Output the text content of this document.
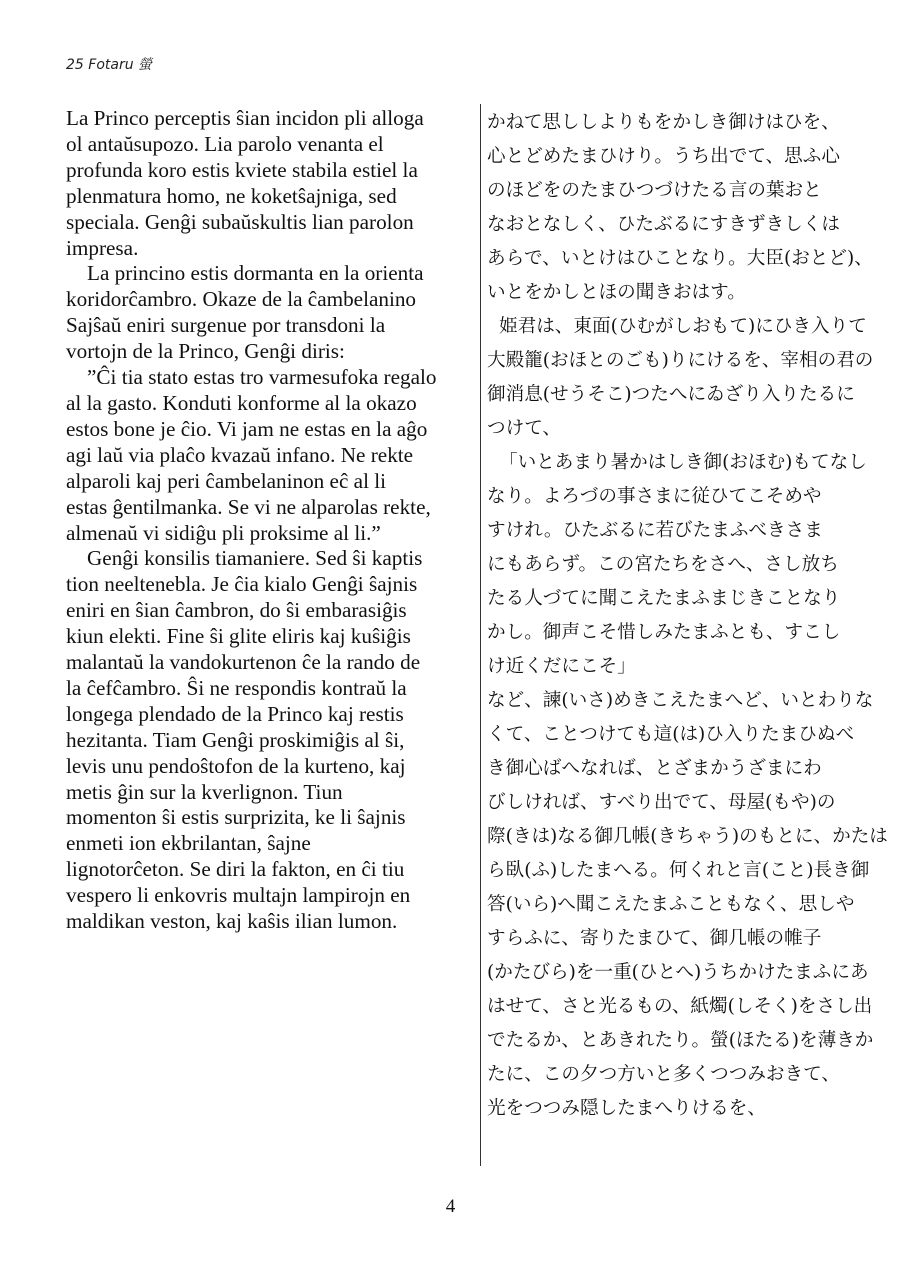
25 Fotaru 螢

La Princo perceptis ŝian incidon pli alloga

ol antaŭsupozo. Lia parolo venanta el

profunda koro estis kviete stabila estiel la

plenmatura homo, ne koketŝajniga, sed

speciala. Genĝi subaŭskultis lian parolon

impresa.

La princino estis dormanta en la orienta

koridorĉambro. Okaze de la ĉambelanino

Sajŝaŭ eniri surgenue por transdoni la

vortojn de la Princo, Genĝi diris:

”Ĉi tia stato estas tro varmesufoka regalo

al la gasto. Konduti konforme al la okazo

estos bone je ĉio. Vi jam ne estas en la aĝo

agi laŭ via plaĉo kvazaŭ infano. Ne rekte

alparoli kaj peri ĉambelaninon eĉ al li

estas ĝentilmanka. Se vi ne alparolas rekte,

almenaŭ vi sidiĝu pli proksime al li.”

Genĝi konsilis tiamaniere. Sed ŝi kaptis

tion neeltenebla. Je ĉia kialo Genĝi ŝajnis

eniri en ŝian ĉambron, do ŝi embarasiĝis

kiun elekti. Fine ŝi glite eliris kaj kuŝiĝis

malantaŭ la vandokurtenon ĉe la rando de

la ĉefĉambro. Ŝi ne respondis kontraŭ la

longega plendado de la Princo kaj restis

hezitanta. Tiam Genĝi proskimiĝis al ŝi,

levis unu pendoŝtofon de la kurteno, kaj

metis ĝin sur la kverlignon. Tiun

momenton ŝi estis surprizita, ke li ŝajnis

enmeti ion ekbrilantan, ŝajne

lignotorĉeton. Se diri la fakton, en ĉi tiu

vespero li enkovris multajn lampirojn en

maldikan veston, kaj kaŝis ilian lumon.

かねて思ししよりもをかしき御けはひを、

心とどめたまひけり。うち出でて、思ふ心

のほどをのたまひつづけたる言の葉おと

なおとなしく、ひたぶるにすきずきしくは

あらで、いとけはひことなり。大臣(おとど)、

いとをかしとほの聞きおはす。

姫君は、東面(ひむがしおもて)にひき入りて

大殿籠(おほとのごも)りにけるを、宰相の君の

御消息(せうそこ)つたへにゐざり入りたるに

つけて、

「いとあまり暑かはしき御(おほむ)もてなし

なり。よろづの事さまに従ひてこそめや

すけれ。ひたぶるに若びたまふべきさま

にもあらず。この宮たちをさへ、さし放ち

たる人づてに聞こえたまふまじきことなり

かし。御声こそ惜しみたまふとも、すこし

け近くだにこそ」

など、諫(いさ)めきこえたまへど、いとわりな

くて、ことつけても這(は)ひ入りたまひぬべ

き御心ばへなれば、とざまかうざまにわ

びしければ、すべり出でて、母屋(もや)の

際(きは)なる御几帳(きちゃう)のもとに、かたは

ら臥(ふ)したまへる。何くれと言(こと)長き御

答(いら)へ聞こえたまふこともなく、思しや

すらふに、寄りたまひて、御几帳の帷子

(かたびら)を一重(ひとへ)うちかけたまふにあ

はせて、さと光るもの、紙燭(しそく)をさし出

でたるか、とあきれたり。螢(ほたる)を薄きか

たに、この夕つ方いと多くつつみおきて、

光をつつみ隠したまへりけるを、

4
